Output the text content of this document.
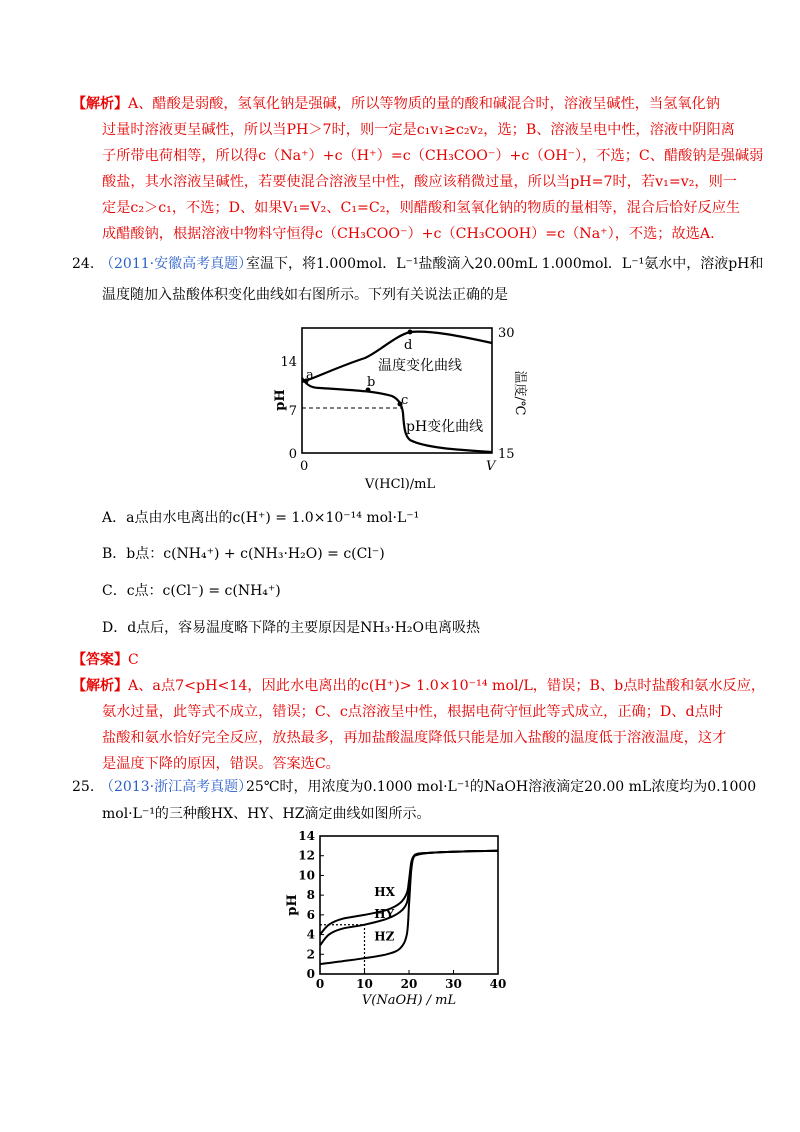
【解析】 A、醋酸是弱酸，氢氧化钠是强碱，所以等物质的量的酸和碱混合时，溶液呈碱性，当氢氧化钠
过量时溶液更呈碱性，所以当PH＞7时，则一定是c₁v₁≥c₂v₂，选；B、溶液呈电中性，溶液中阴阳离
子所带电荷相等，所以得c（Na⁺）+c（H⁺）=c（CH₃COO⁻）+c（OH⁻），不选；C、醋酸钠是强碱弱
酸盐，其水溶液呈碱性，若要使混合溶液呈中性，酸应该稍微过量，所以当pH=7时，若v₁=v₂，则一
定是c₂＞c₁，不选；D、如果V₁=V₂、C₁=C₂，则醋酸和氢氧化钠的物质的量相等，混合后恰好反应生
成醋酸钠，根据溶液中物料守恒得c（CH₃COO⁻）+c（CH₃COOH）=c（Na⁺），不选；故选A.
24. （2011·安徽高考真题）
室温下，将1.000mol．L⁻¹盐酸滴入20.00mL 1.000mol．L⁻¹氨水中，溶液pH和
温度随加入盐酸体积变化曲线如右图所示。下列有关说法正确的是
14
7
0
pH
30
15
温度/℃
0	V
V(HCl)/mL
a	b
c
d
温度变化曲线
pH变化曲线
A．a点由水电离出的c(H⁺) = 1.0×10⁻¹⁴ mol·L⁻¹
B．b点：c(NH₄⁺) + c(NH₃·H₂O) = c(Cl⁻)
C．c点：c(Cl⁻) = c(NH₄⁺)
D．d点后，容易温度略下降的主要原因是NH₃·H₂O电离吸热
【答案】 C
【解析】 A、a点7<pH<14，因此水电离出的c(H⁺)> 1.0×10⁻¹⁴ mol/L，错误；B、b点时盐酸和氨水反应，
氨水过量，此等式不成立，错误；C、c点溶液呈中性，根据电荷守恒此等式成立，正确；D、d点时
盐酸和氨水恰好完全反应，放热最多，再加盐酸温度降低只能是加入盐酸的温度低于溶液温度，这才
是温度下降的原因，错误。答案选C。
25. （2013·浙江高考真题）
25℃时，用浓度为0.1000 mol·L⁻¹的NaOH溶液滴定20.00 mL浓度均为0.1000
mol·L⁻¹的三种酸HX、HY、HZ滴定曲线如图所示。
HX
HY
HZ
0
2
4
6
8
10
12
14
0	10 20 30 40
pH
V(NaOH) / mL
